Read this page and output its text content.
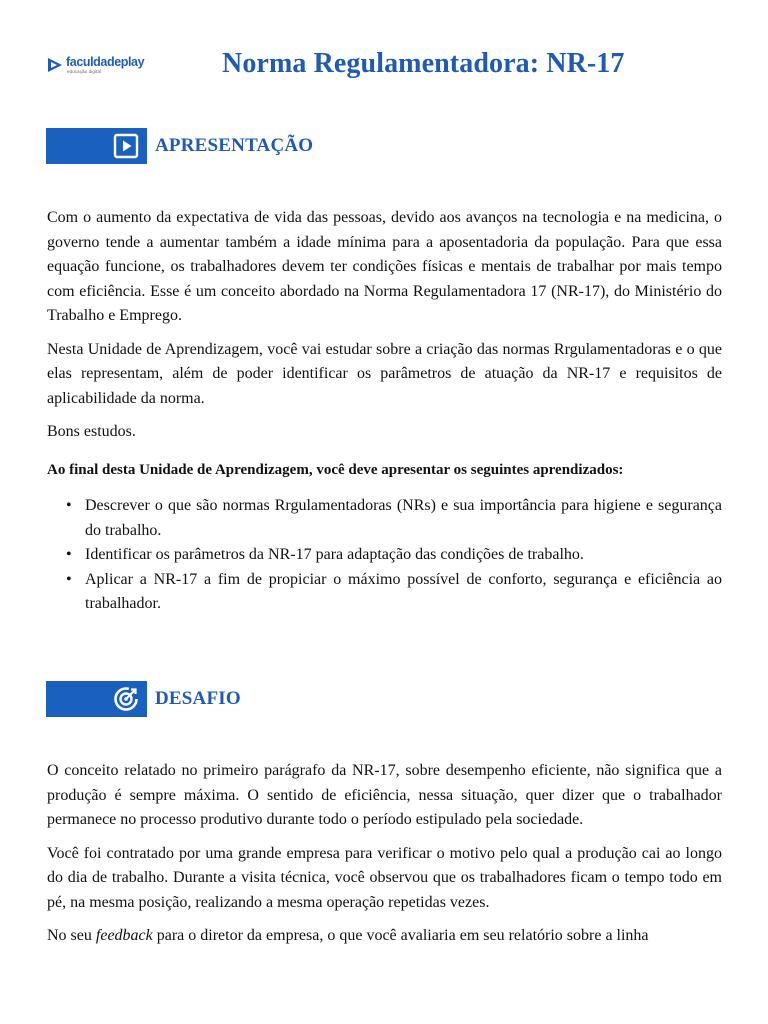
faculdadeplay
educação digital	Norma Regulamentadora: NR-17
APRESENTAÇÃO

Com o aumento da expectativa de vida das pessoas, devido aos avanços na tecnologia e na medicina, o governo tende a aumentar também a idade mínima para a aposentadoria da população. Para que essa equação funcione, os trabalhadores devem ter condições físicas e mentais de trabalhar por mais tempo com eficiência. Esse é um conceito abordado na Norma Regulamentadora 17 (NR-17), do Ministério do Trabalho e Emprego.

Nesta Unidade de Aprendizagem, você vai estudar sobre a criação das normas Rrgulamentadoras e o que elas representam, além de poder identificar os parâmetros de atuação da NR-17 e requisitos de aplicabilidade da norma.

Bons estudos.

Ao final desta Unidade de Aprendizagem, você deve apresentar os seguintes aprendizados:

• Descrever o que são normas Rrgulamentadoras (NRs) e sua importância para higiene e segurança do trabalho.
• Identificar os parâmetros da NR-17 para adaptação das condições de trabalho.
• Aplicar a NR-17 a fim de propiciar o máximo possível de conforto, segurança e eficiência ao trabalhador.
DESAFIO

O conceito relatado no primeiro parágrafo da NR-17, sobre desempenho eficiente, não significa que a produção é sempre máxima. O sentido de eficiência, nessa situação, quer dizer que o trabalhador permanece no processo produtivo durante todo o período estipulado pela sociedade.

Você foi contratado por uma grande empresa para verificar o motivo pelo qual a produção cai ao longo do dia de trabalho. Durante a visita técnica, você observou que os trabalhadores ficam o tempo todo em pé, na mesma posição, realizando a mesma operação repetidas vezes.

No seu feedback para o diretor da empresa, o que você avaliaria em seu relatório sobre a linha
